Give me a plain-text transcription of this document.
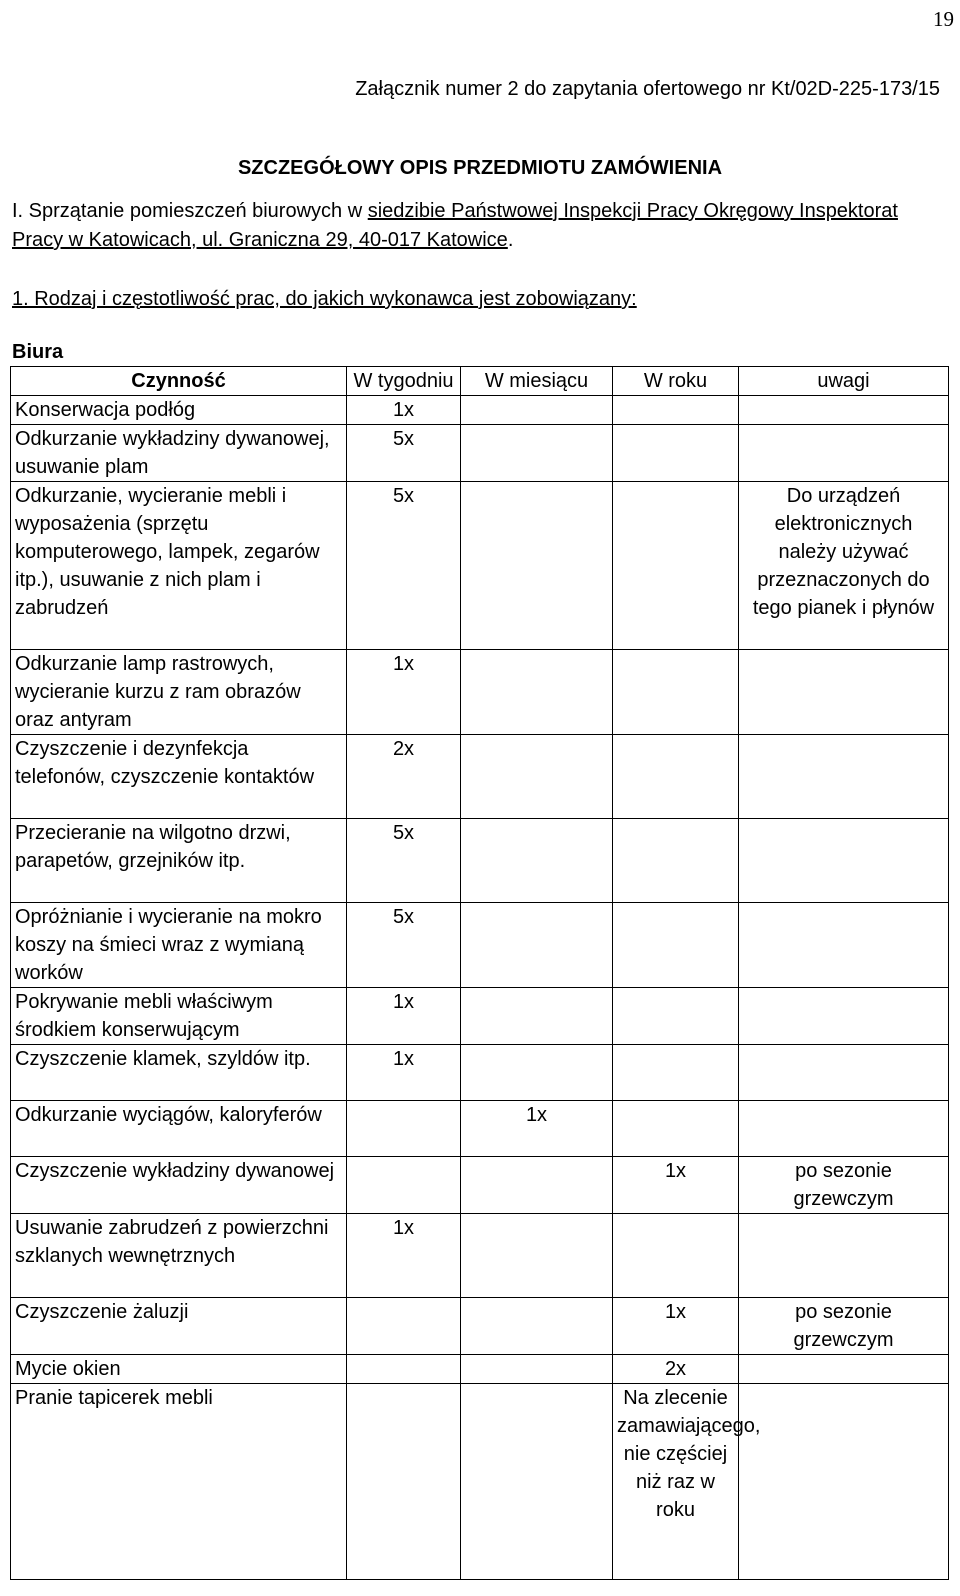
19
Załącznik numer 2 do zapytania ofertowego nr Kt/02D-225-173/15
SZCZEGÓŁOWY OPIS PRZEDMIOTU ZAMÓWIENIA
I. Sprzątanie pomieszczeń biurowych w siedzibie Państwowej Inspekcji Pracy Okręgowy Inspektorat Pracy w Katowicach, ul. Graniczna 29, 40-017 Katowice.
1. Rodzaj i częstotliwość prac, do jakich wykonawca jest zobowiązany:
Biura
Czynność	W tygodniu	W miesiącu	W roku	uwagi
Konserwacja podłóg	1x			
Odkurzanie wykładziny dywanowej, usuwanie plam	5x			
Odkurzanie, wycieranie mebli i wyposażenia (sprzętu komputerowego, lampek, zegarów itp.), usuwanie z nich plam i zabrudzeń	5x			Do urządzeń elektronicznych należy używać przeznaczonych do tego pianek i płynów
Odkurzanie lamp rastrowych, wycieranie kurzu z ram obrazów oraz antyram	1x			
Czyszczenie i dezynfekcja telefonów, czyszczenie kontaktów	2x			
Przecieranie na wilgotno drzwi, parapetów, grzejników itp.	5x			
Opróżnianie i wycieranie na mokro koszy na śmieci wraz z wymianą worków	5x			
Pokrywanie mebli właściwym środkiem konserwującym	1x			
Czyszczenie klamek, szyldów itp.	1x			
Odkurzanie wyciągów, kaloryferów		1x		
Czyszczenie wykładziny dywanowej			1x	po sezonie grzewczym
Usuwanie zabrudzeń z powierzchni szklanych wewnętrznych	1x			
Czyszczenie żaluzji			1x	po sezonie grzewczym
Mycie okien			2x	
Pranie tapicerek mebli			Na zlecenie zamawiającego, nie częściej niż raz w roku	
